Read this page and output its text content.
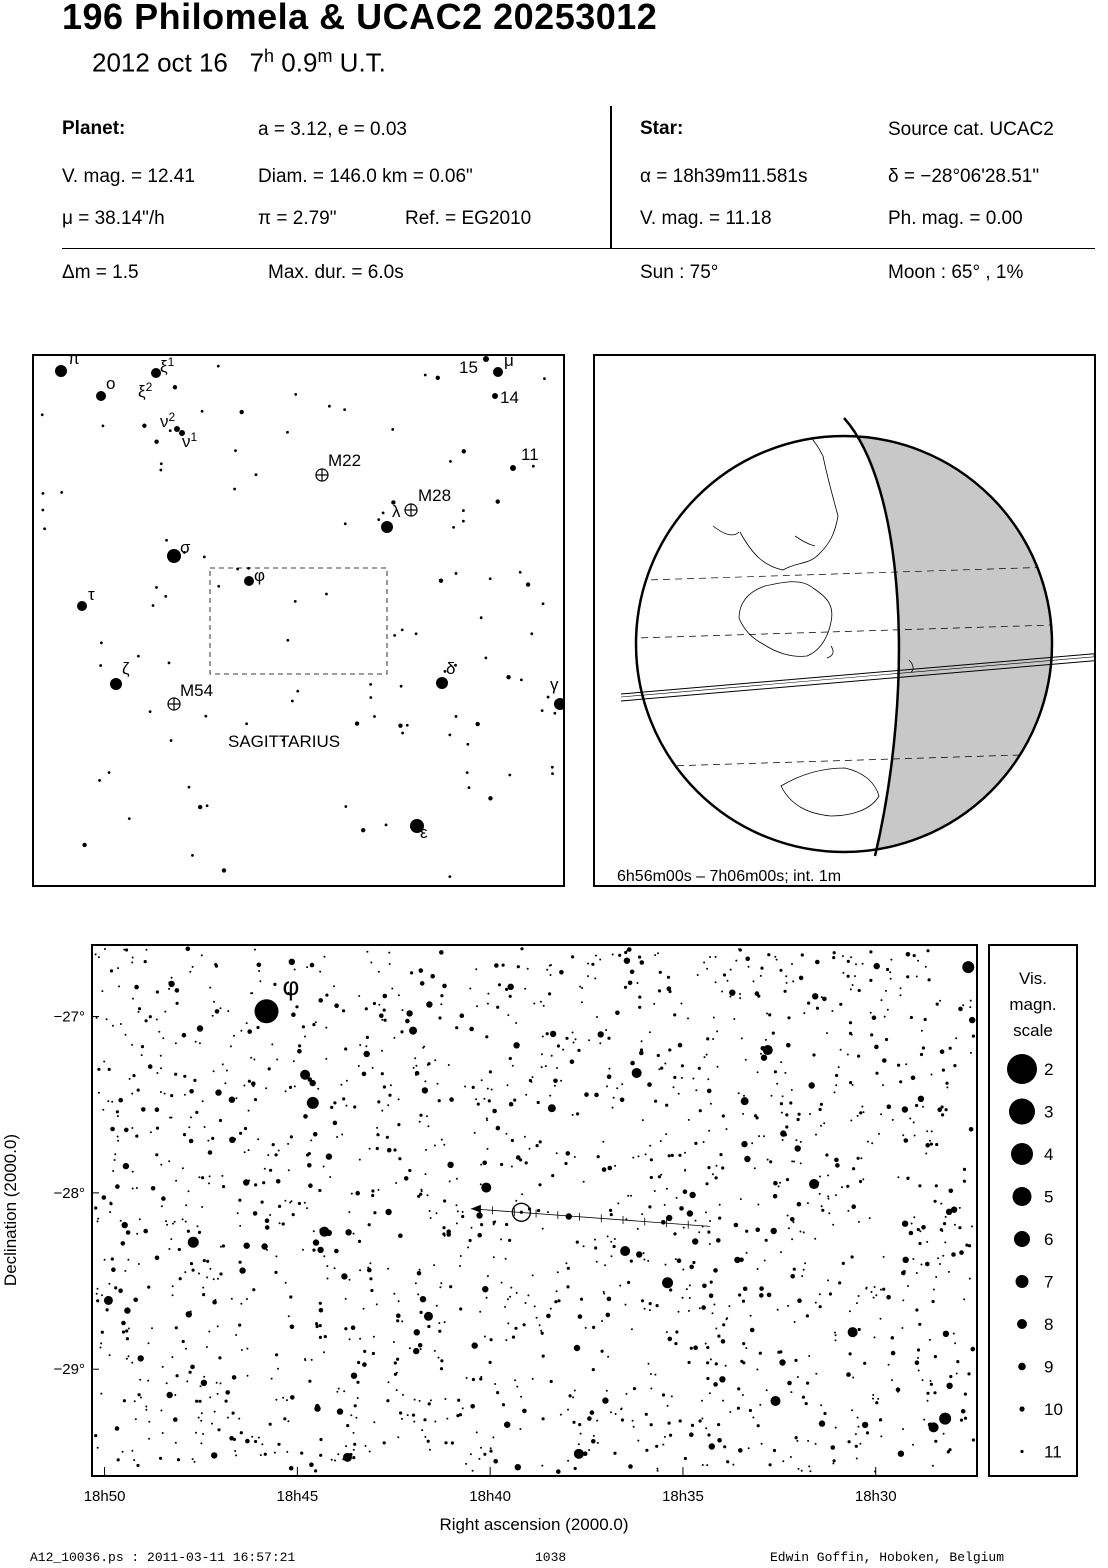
196 Philomela & UCAC2 20253012
2012 oct 16 7$^h$ 0.9$^m$ U.T.
Planet:	a = 3.12, e = 0.03
V. mag. = 12.41	Diam. = 146.0 km = 0.06"
μ = 38.14"/h	π = 2.79"	Ref. = EG2010
Star:	Source cat. UCAC2
α = 18h39m11.581s	δ = −28°06'28.51"
V. mag. = 11.18	Ph. mag. = 0.00
Δm = 1.5	Max. dur. = 6.0s	Sun : 75°	Moon : 65° , 1%
π
o
$\xi^1$
$\xi^2$
$\nu^2$
$\nu^1$
15 μ
14
11
M22
M28
λ
σ
φ
τ
ζ
M54
δ
γ
ε
SAGITTARIUS
6h56m00s – 7h06m00s; int. 1m
φ
Declination (2000.0)
Right ascension (2000.0)
18h50	18h45	18h40	18h35	18h30
−27°
−28°
−29°
Vis.
magn.
scale
2
3
4
5
6
7
8
9
10
11
A12_10036.ps : 2011-03-11 16:57:21	1038	Edwin Goffin, Hoboken, Belgium
